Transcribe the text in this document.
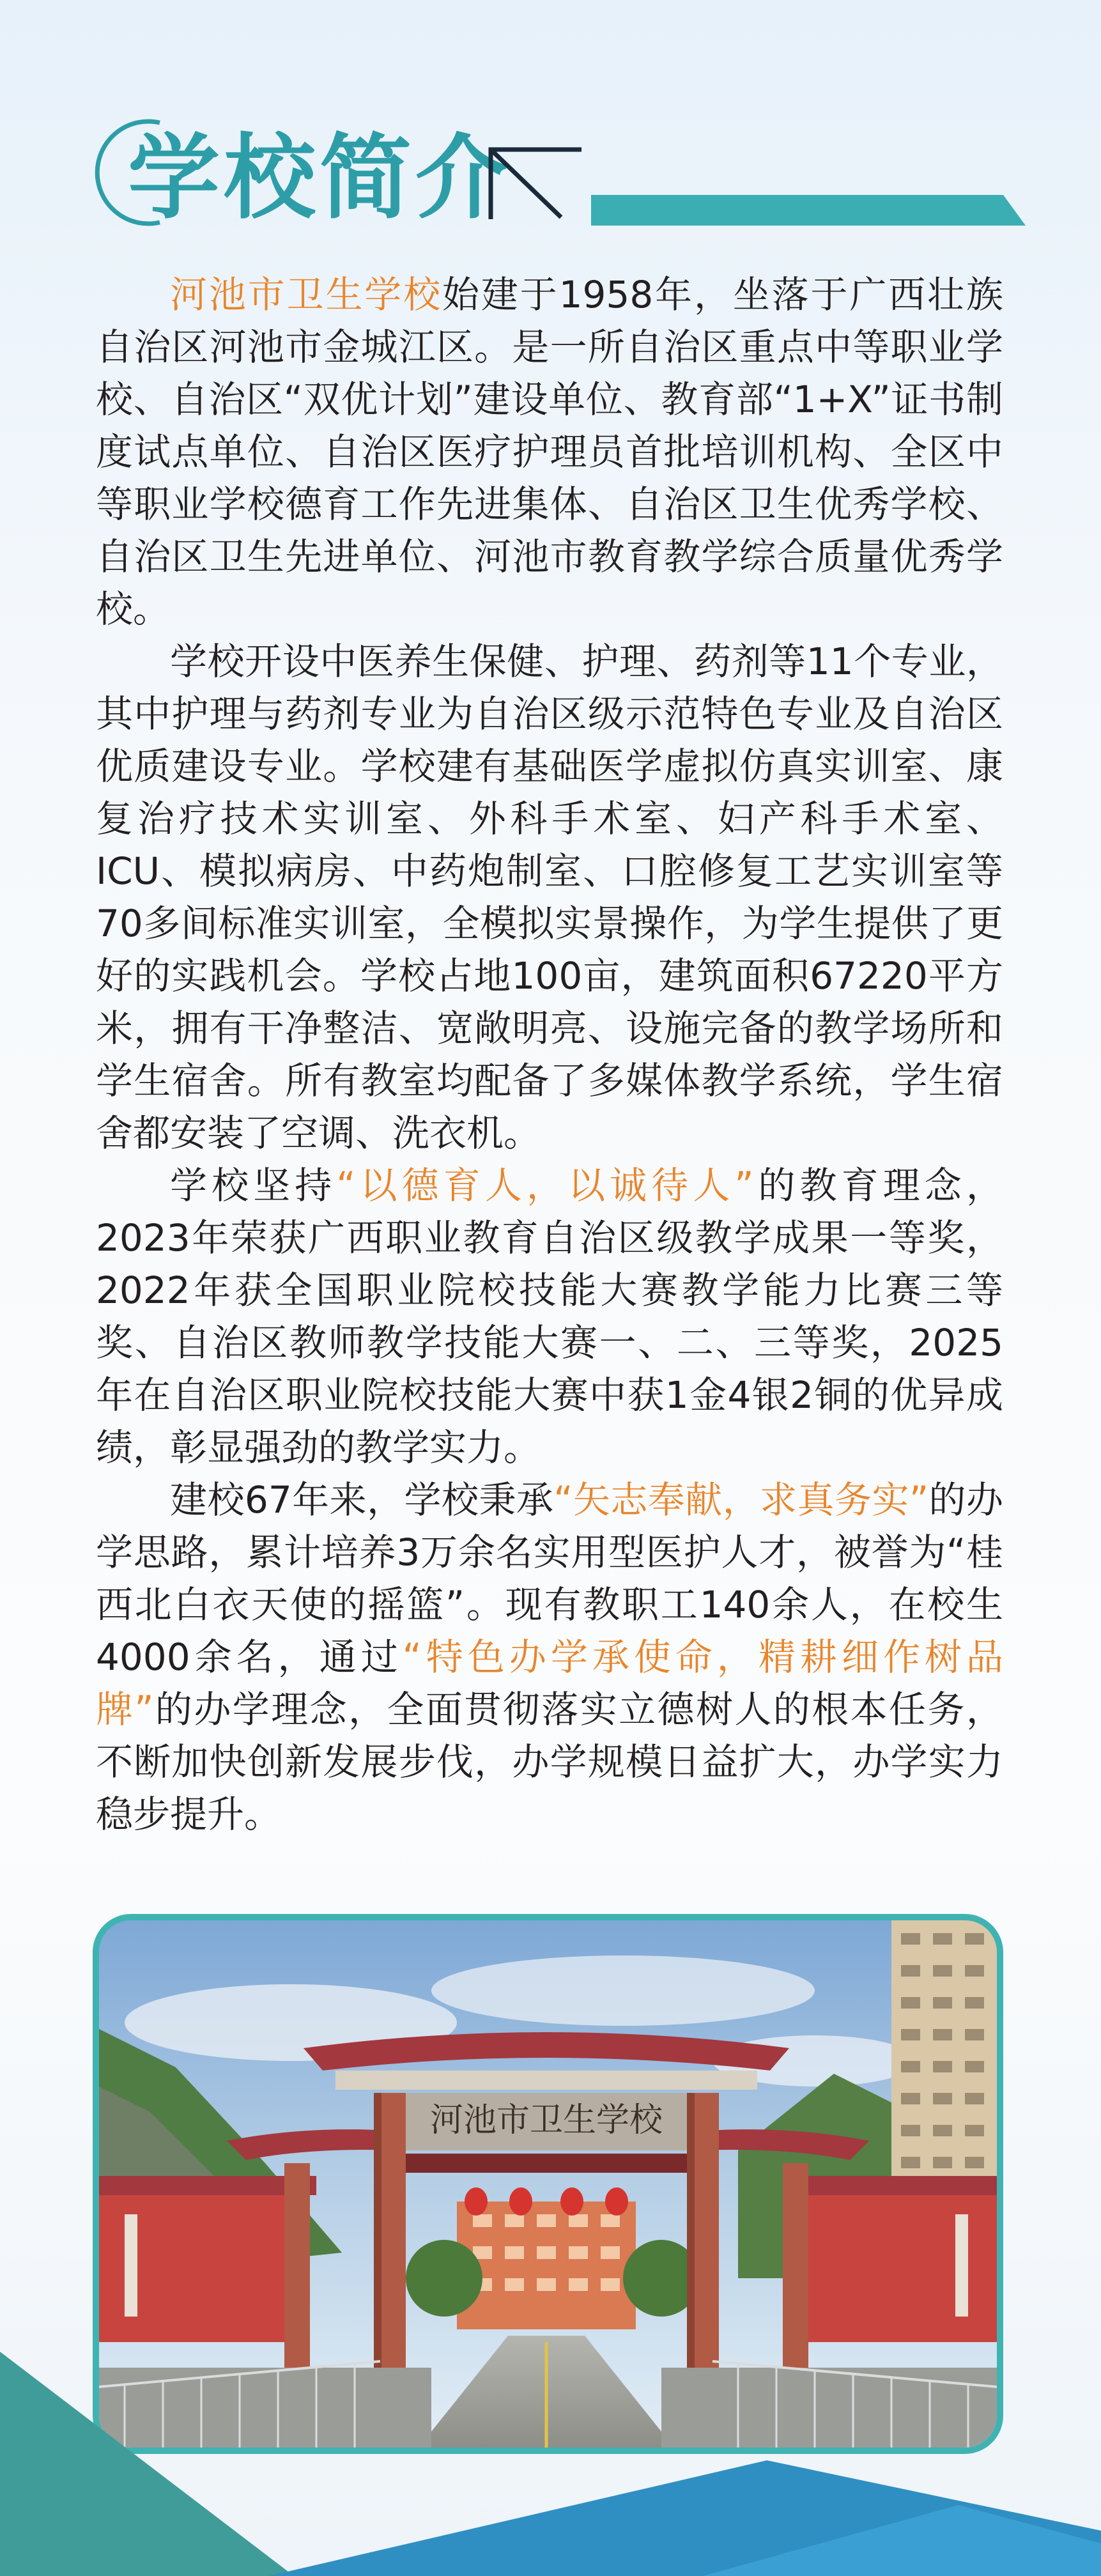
学校简介

河池市卫生学校始建于1958年，坐落于广西壮族自治区河池市金城江区。是一所自治区重点中等职业学校、自治区“双优计划”建设单位、教育部“1+X”证书制度试点单位、自治区医疗护理员首批培训机构、全区中等职业学校德育工作先进集体、自治区卫生优秀学校、自治区卫生先进单位、河池市教育教学综合质量优秀学校。

学校开设中医养生保健、护理、药剂等11个专业，其中护理与药剂专业为自治区级示范特色专业及自治区优质建设专业。学校建有基础医学虚拟仿真实训室、康复治疗技术实训室、外科手术室、妇产科手术室、ICU、模拟病房、中药炮制室、口腔修复工艺实训室等70多间标准实训室，全模拟实景操作，为学生提供了更好的实践机会。学校占地100亩，建筑面积67220平方米，拥有干净整洁、宽敞明亮、设施完备的教学场所和学生宿舍。所有教室均配备了多媒体教学系统，学生宿舍都安装了空调、洗衣机。

学校坚持“以德育人，以诚待人”的教育理念，2023年荣获广西职业教育自治区级教学成果一等奖，2022年获全国职业院校技能大赛教学能力比赛三等奖、自治区教师教学技能大赛一、二、三等奖，2025年在自治区职业院校技能大赛中获1金4银2铜的优异成绩，彰显强劲的教学实力。

建校67年来，学校秉承“矢志奉献，求真务实”的办学思路，累计培养3万余名实用型医护人才，被誉为“桂西北白衣天使的摇篮”。现有教职工140余人，在校生4000余名，通过“特色办学承使命，精耕细作树品牌”的办学理念，全面贯彻落实立德树人的根本任务，不断加快创新发展步伐，办学规模日益扩大，办学实力稳步提升。

河池市卫生学校
